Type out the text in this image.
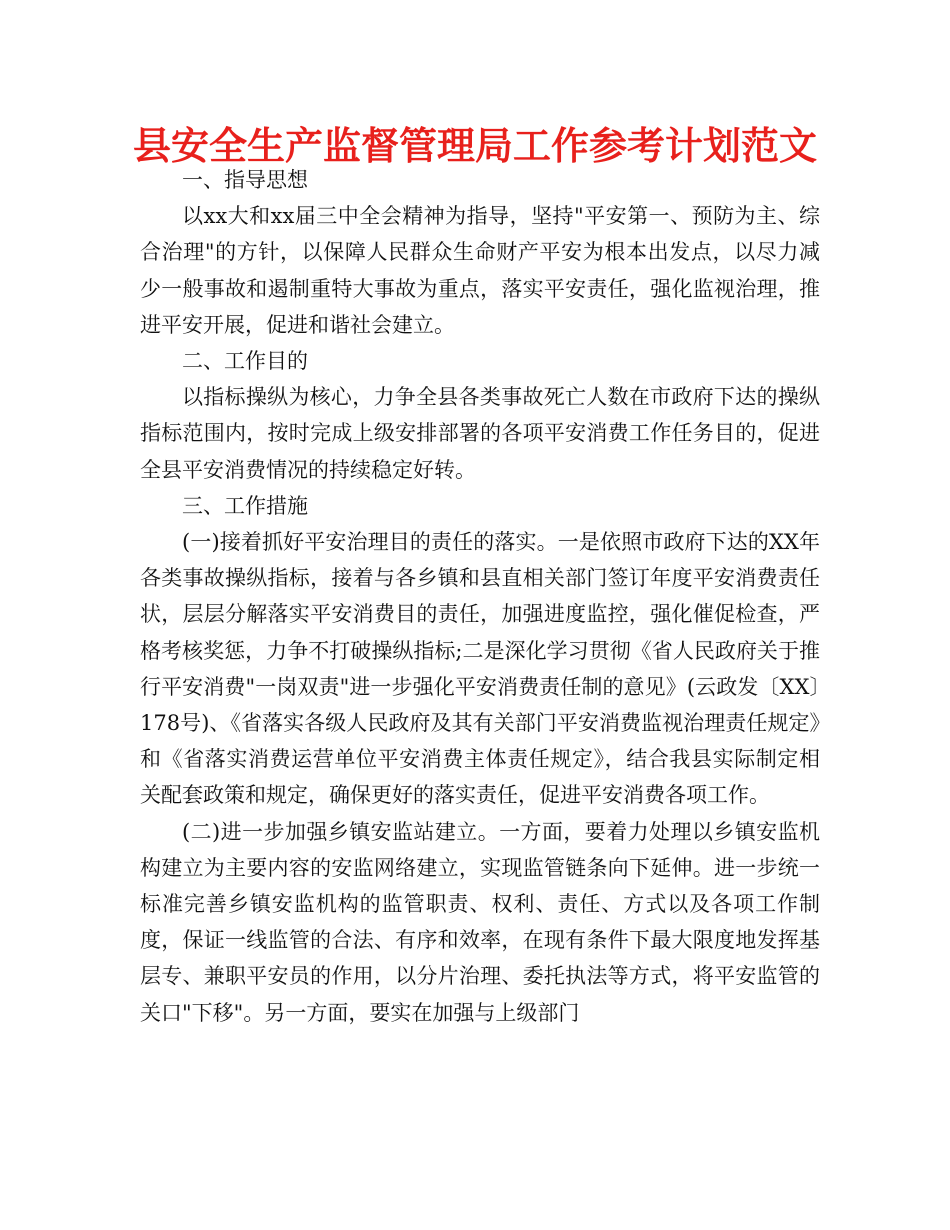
县安全生产监督管理局工作参考计划范文

一、指导思想

以xx大和xx届三中全会精神为指导，坚持"平安第一、预防为主、综合治理"的方针，以保障人民群众生命财产平安为根本出发点，以尽力减少一般事故和遏制重特大事故为重点，落实平安责任，强化监视治理，推进平安开展，促进和谐社会建立。

二、工作目的

以指标操纵为核心，力争全县各类事故死亡人数在市政府下达的操纵指标范围内，按时完成上级安排部署的各项平安消费工作任务目的，促进全县平安消费情况的持续稳定好转。

三、工作措施

(一)接着抓好平安治理目的责任的落实。一是依照市政府下达的XX年各类事故操纵指标，接着与各乡镇和县直相关部门签订年度平安消费责任状，层层分解落实平安消费目的责任，加强进度监控，强化催促检查，严格考核奖惩，力争不打破操纵指标;二是深化学习贯彻《省人民政府关于推行平安消费"一岗双责"进一步强化平安消费责任制的意见》(云政发〔XX〕178号)、《省落实各级人民政府及其有关部门平安消费监视治理责任规定》和《省落实消费运营单位平安消费主体责任规定》，结合我县实际制定相关配套政策和规定，确保更好的落实责任，促进平安消费各项工作。

(二)进一步加强乡镇安监站建立。一方面，要着力处理以乡镇安监机构建立为主要内容的安监网络建立，实现监管链条向下延伸。进一步统一标准完善乡镇安监机构的监管职责、权利、责任、方式以及各项工作制度，保证一线监管的合法、有序和效率，在现有条件下最大限度地发挥基层专、兼职平安员的作用，以分片治理、委托执法等方式，将平安监管的关口"下移"。另一方面，要实在加强与上级部门
